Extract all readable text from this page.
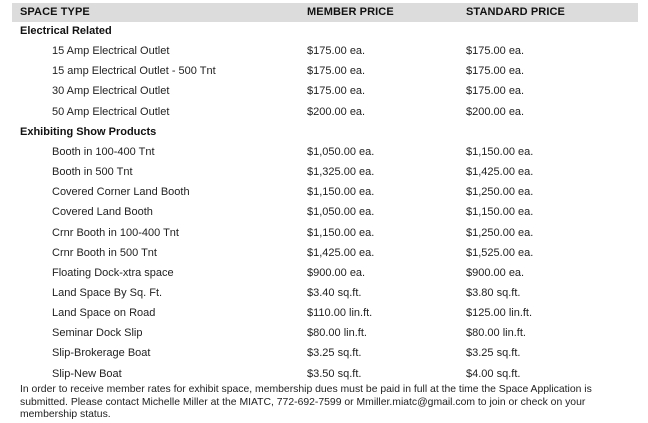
SPACE TYPE	MEMBER PRICE	STANDARD PRICE
Electrical Related
15 Amp Electrical Outlet	$175.00 ea.	$175.00 ea.
15 amp Electrical Outlet - 500 Tnt	$175.00 ea.	$175.00 ea.
30 Amp Electrical Outlet	$175.00 ea.	$175.00 ea.
50 Amp Electrical Outlet	$200.00 ea.	$200.00 ea.
Exhibiting Show Products
Booth in 100-400 Tnt	$1,050.00 ea.	$1,150.00 ea.
Booth in 500 Tnt	$1,325.00 ea.	$1,425.00 ea.
Covered Corner Land Booth	$1,150.00 ea.	$1,250.00 ea.
Covered Land Booth	$1,050.00 ea.	$1,150.00 ea.
Crnr Booth in 100-400 Tnt	$1,150.00 ea.	$1,250.00 ea.
Crnr Booth in 500 Tnt	$1,425.00 ea.	$1,525.00 ea.
Floating Dock-xtra space	$900.00 ea.	$900.00 ea.
Land Space By Sq. Ft.	$3.40 sq.ft.	$3.80 sq.ft.
Land Space on Road	$110.00 lin.ft.	$125.00 lin.ft.
Seminar Dock Slip	$80.00 lin.ft.	$80.00 lin.ft.
Slip-Brokerage Boat	$3.25 sq.ft.	$3.25 sq.ft.
Slip-New Boat	$3.50 sq.ft.	$4.00 sq.ft.
In order to receive member rates for exhibit space, membership dues must be paid in full at the time the Space Application is submitted. Please contact Michelle Miller at the MIATC, 772-692-7599 or Mmiller.miatc@gmail.com to join or check on your membership status.
